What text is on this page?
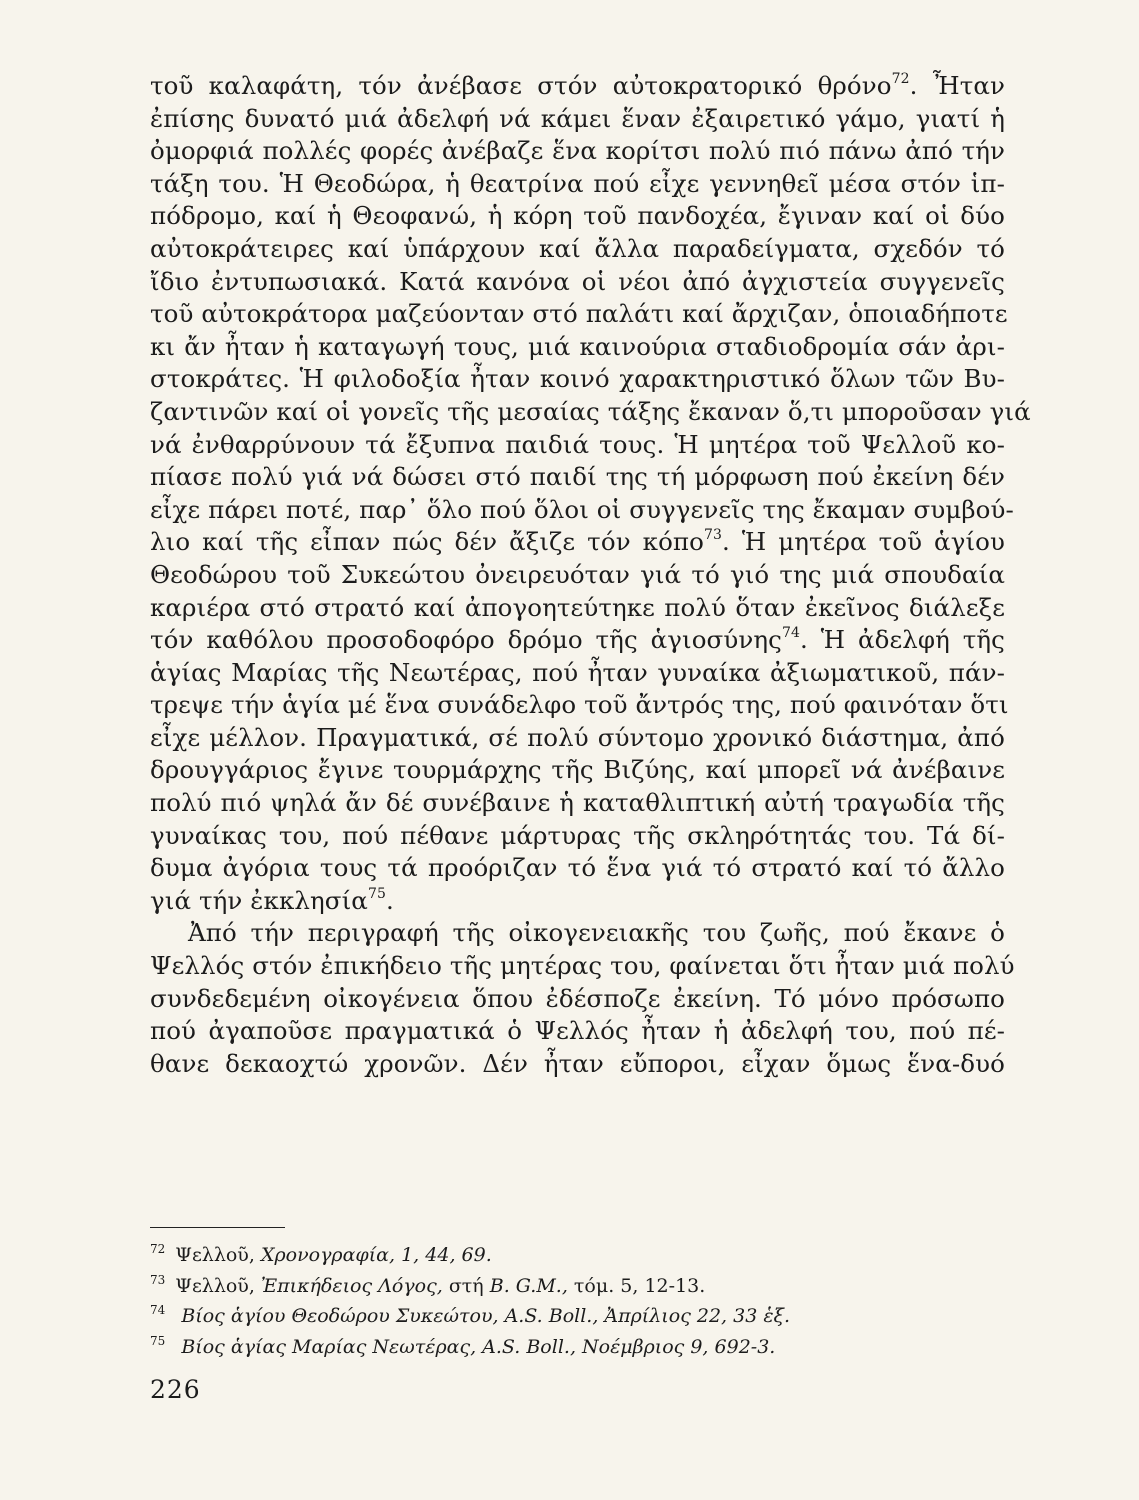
τοῦ καλαφάτη, τόν ἀνέβασε στόν αὐτοκρατορικό θρόνο$^{72}$. Ἦταν
ἐπίσης δυνατό μιά ἀδελφή νά κάμει ἕναν ἐξαιρετικό γάμο, γιατί ἡ
ὀμορφιά πολλές φορές ἀνέβαζε ἕνα κορίτσι πολύ πιό πάνω ἀπό τήν
τάξη του. Ἡ Θεοδώρα, ἡ θεατρίνα πού εἶχε γεννηθεῖ μέσα στόν ἱπ-
πόδρομο, καί ἡ Θεοφανώ, ἡ κόρη τοῦ πανδοχέα, ἔγιναν καί οἱ δύο
αὐτοκράτειρες καί ὑπάρχουν καί ἄλλα παραδείγματα, σχεδόν τό
ἴδιο ἐντυπωσιακά. Κατά κανόνα οἱ νέοι ἀπό ἀγχιστεία συγγενεῖς
τοῦ αὐτοκράτορα μαζεύονταν στό παλάτι καί ἄρχιζαν, ὁποιαδήποτε
κι ἄν ἦταν ἡ καταγωγή τους, μιά καινούρια σταδιοδρομία σάν ἀρι-
στοκράτες. Ἡ φιλοδοξία ἦταν κοινό χαρακτηριστικό ὅλων τῶν Βυ-
ζαντινῶν καί οἱ γονεῖς τῆς μεσαίας τάξης ἔκαναν ὅ,τι μποροῦσαν γιά
νά ἐνθαρρύνουν τά ἔξυπνα παιδιά τους. Ἡ μητέρα τοῦ Ψελλοῦ κο-
πίασε πολύ γιά νά δώσει στό παιδί της τή μόρφωση πού ἐκείνη δέν
εἶχε πάρει ποτέ, παρ᾽ ὅλο πού ὅλοι οἱ συγγενεῖς της ἔκαμαν συμβού-
λιο καί τῆς εἶπαν πώς δέν ἄξιζε τόν κόπο$^{73}$. Ἡ μητέρα τοῦ ἁγίου
Θεοδώρου τοῦ Συκεώτου ὀνειρευόταν γιά τό γιό της μιά σπουδαία
καριέρα στό στρατό καί ἀπογοητεύτηκε πολύ ὅταν ἐκεῖνος διάλεξε
τόν καθόλου προσοδοφόρο δρόμο τῆς ἁγιοσύνης$^{74}$. Ἡ ἀδελφή τῆς
ἁγίας Μαρίας τῆς Νεωτέρας, πού ἦταν γυναίκα ἀξιωματικοῦ, πάν-
τρεψε τήν ἁγία μέ ἕνα συνάδελφο τοῦ ἄντρός της, πού φαινόταν ὅτι
εἶχε μέλλον. Πραγματικά, σέ πολύ σύντομο χρονικό διάστημα, ἀπό
δρουγγάριος ἔγινε τουρμάρχης τῆς Βιζύης, καί μπορεῖ νά ἀνέβαινε
πολύ πιό ψηλά ἄν δέ συνέβαινε ἡ καταθλιπτική αὐτή τραγωδία τῆς
γυναίκας του, πού πέθανε μάρτυρας τῆς σκληρότητάς του. Τά δί-
δυμα ἀγόρια τους τά προόριζαν τό ἕνα γιά τό στρατό καί τό ἄλλο
γιά τήν ἐκκλησία$^{75}$.
Ἀπό τήν περιγραφή τῆς οἰκογενειακῆς του ζωῆς, πού ἔκανε ὁ
Ψελλός στόν ἐπικήδειο τῆς μητέρας του, φαίνεται ὅτι ἦταν μιά πολύ
συνδεδεμένη οἰκογένεια ὅπου ἐδέσποζε ἐκείνη. Τό μόνο πρόσωπο
πού ἀγαποῦσε πραγματικά ὁ Ψελλός ἦταν ἡ ἀδελφή του, πού πέ-
θανε δεκαοχτώ χρονῶν. Δέν ἦταν εὔποροι, εἶχαν ὅμως ἕνα-δυό
$^{72}$ Ψελλοῦ, Χρονογραφία, 1, 44, 69.
$^{73}$ Ψελλοῦ, Ἐπικήδειος Λόγος, στή Β. G.M., τόμ. 5, 12-13.
$^{74}$ Βίος ἁγίου Θεοδώρου Συκεώτου, A.S. Boll., Ἀπρίλιος 22, 33 ἑξ.
$^{75}$ Βίος ἁγίας Μαρίας Νεωτέρας, A.S. Boll., Νοέμβριος 9, 692-3.
226
